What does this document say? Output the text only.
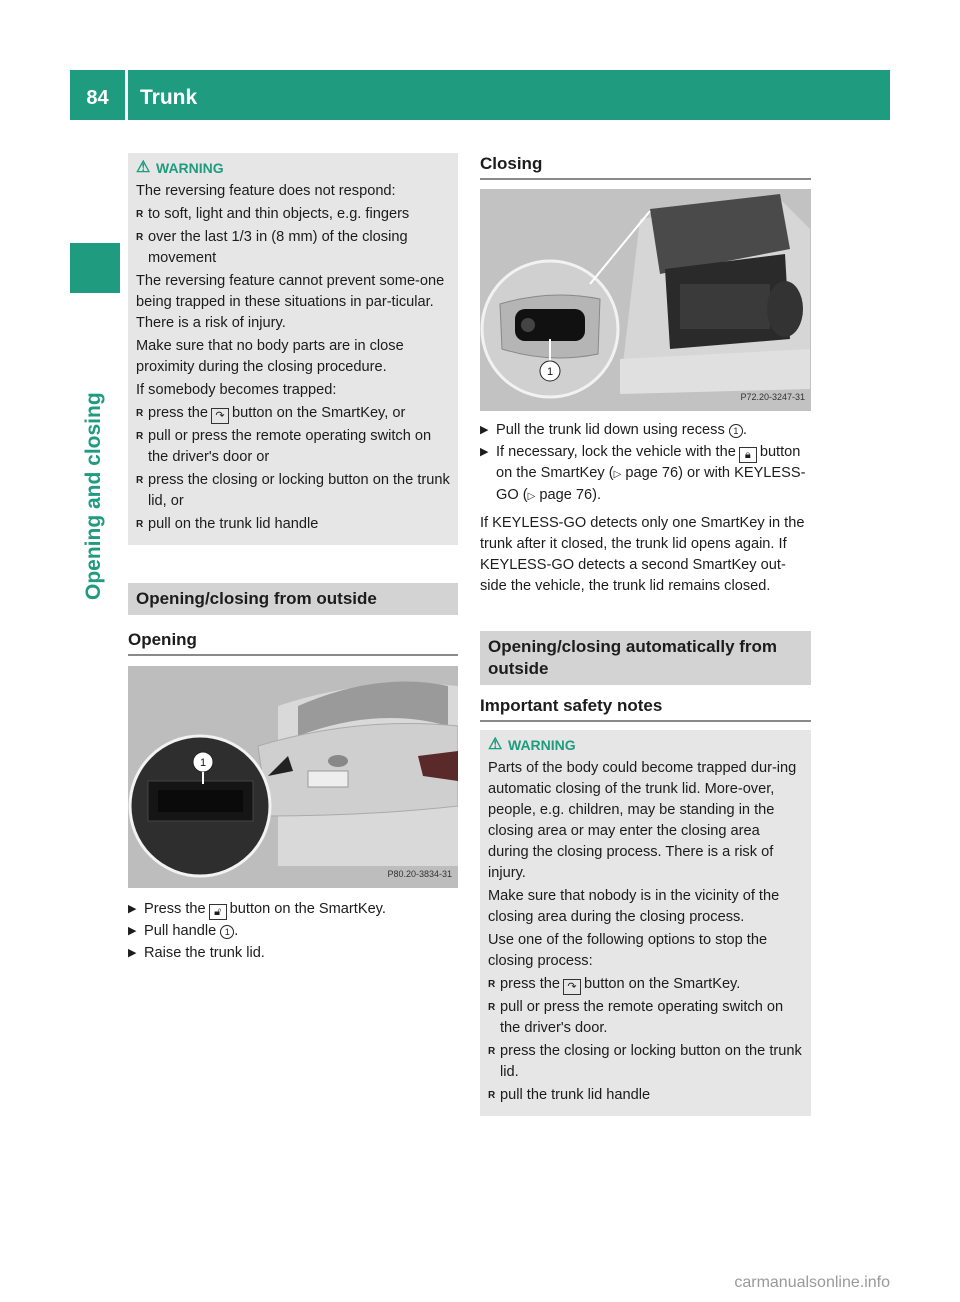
84	Trunk
Opening and closing
⚠ WARNING

The reversing feature does not respond:

R to soft, light and thin objects, e.g. fingers
R over the last 1/3 in (8 mm) of the closing movement

The reversing feature cannot prevent some-one being trapped in these situations in par-ticular. There is a risk of injury.

Make sure that no body parts are in close proximity during the closing procedure.

If somebody becomes trapped:

R press the ↷ button on the SmartKey, or
R pull or press the remote operating switch on the driver's door or
R press the closing or locking button on the trunk lid, or
R pull on the trunk lid handle
Opening/closing from outside
Opening
1
P80.20-3834-31
▶ Press the 🔓︎ button on the SmartKey.
▶ Pull handle 1 .
▶ Raise the trunk lid.
Closing
1
P72.20-3247-31
▶ Pull the trunk lid down using recess 1 .
▶ If necessary, lock the vehicle with the 🔒︎ button on the SmartKey (▷ page 76) or with KEYLESS-GO (▷ page 76).

If KEYLESS-GO detects only one SmartKey in the trunk after it closed, the trunk lid opens again. If KEYLESS-GO detects a second SmartKey out-side the vehicle, the trunk lid remains closed.

Opening/closing automatically from outside
Important safety notes
⚠ WARNING

Parts of the body could become trapped dur-ing automatic closing of the trunk lid. More-over, people, e.g. children, may be standing in the closing area or may enter the closing area during the closing process. There is a risk of injury.

Make sure that nobody is in the vicinity of the closing area during the closing process.

Use one of the following options to stop the closing process:

R press the ↷ button on the SmartKey.
R pull or press the remote operating switch on the driver's door.
R press the closing or locking button on the trunk lid.
R pull the trunk lid handle
carmanualsonline.info
